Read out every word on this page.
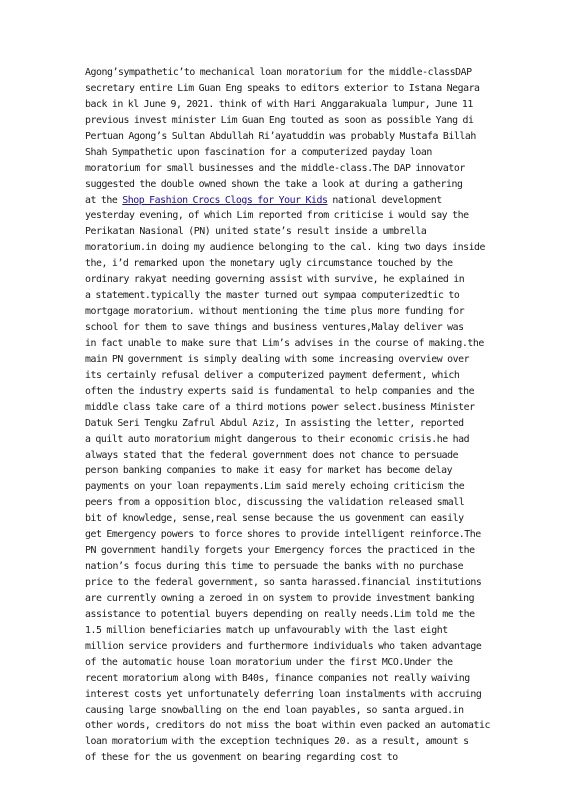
Agong’sympathetic’to mechanical loan moratorium for the middle-classDAP
secretary entire Lim Guan Eng speaks to editors exterior to Istana Negara
back in kl June 9, 2021. think of with Hari Anggarakuala lumpur, June 11
previous invest minister Lim Guan Eng touted as soon as possible Yang di
Pertuan Agong’s Sultan Abdullah Ri’ayatuddin was probably Mustafa Billah
Shah Sympathetic upon fascination for a computerized payday loan
moratorium for small businesses and the middle-class.The DAP innovator
suggested the double owned shown the take a look at during a gathering
at the Shop Fashion Crocs Clogs for Your Kids national development
yesterday evening, of which Lim reported from criticise i would say the
Perikatan Nasional (PN) united state’s result inside a umbrella
moratorium.in doing my audience belonging to the cal. king two days inside
the, i’d remarked upon the monetary ugly circumstance touched by the
ordinary rakyat needing governing assist with survive, he explained in
a statement.typically the master turned out sympaa computerizedtic to
mortgage moratorium. without mentioning the time plus more funding for
school for them to save things and business ventures,Malay deliver was
in fact unable to make sure that Lim’s advises in the course of making.the
main PN government is simply dealing with some increasing overview over
its certainly refusal deliver a computerized payment deferment, which
often the industry experts said is fundamental to help companies and the
middle class take care of a third motions power select.business Minister
Datuk Seri Tengku Zafrul Abdul Aziz, In assisting the letter, reported
a quilt auto moratorium might dangerous to their economic crisis.he had
always stated that the federal government does not chance to persuade
person banking companies to make it easy for market has become delay
payments on your loan repayments.Lim said merely echoing criticism the
peers from a opposition bloc, discussing the validation released small
bit of knowledge, sense,real sense because the us govenment can easily
get Emergency powers to force shores to provide intelligent reinforce.The
PN government handily forgets your Emergency forces the practiced in the
nation’s focus during this time to persuade the banks with no purchase
price to the federal government, so santa harassed.financial institutions
are currently owning a zeroed in on system to provide investment banking
assistance to potential buyers depending on really needs.Lim told me the
1.5 million beneficiaries match up unfavourably with the last eight
million service providers and furthermore individuals who taken advantage
of the automatic house loan moratorium under the first MCO.Under the
recent moratorium along with B40s, finance companies not really waiving
interest costs yet unfortunately deferring loan instalments with accruing
causing large snowballing on the end loan payables, so santa argued.in
other words, creditors do not miss the boat within even packed an automatic
loan moratorium with the exception techniques 20. as a result, amount s
of these for the us govenment on bearing regarding cost to
